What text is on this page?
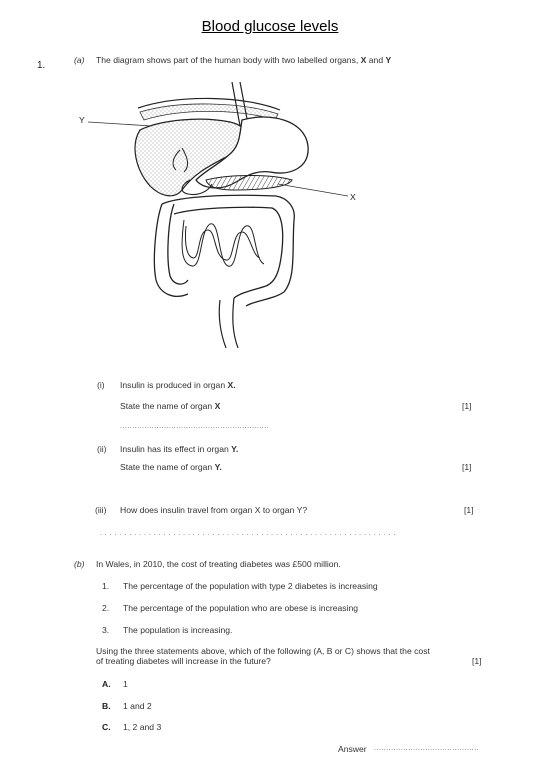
Blood glucose levels
1.	(a) The diagram shows part of the human body with two labelled organs, X and Y
Y
X
(i) Insulin is produced in organ X.
State the name of organ X	[1]
.............................................................
(ii) Insulin has its effect in organ Y.
State the name of organ Y.	[1]
(iii) How does insulin travel from organ X to organ Y?	[1]
. . . . . . . . . . . . . . . . . . . . . . . . . . . . . . . . . . . . . . . . . . . . . . . . . . . . . . . . . . . . .
(b) In Wales, in 2010, the cost of treating diabetes was £500 million.
1. The percentage of the population with type 2 diabetes is increasing
2. The percentage of the population who are obese is increasing
3. The population is increasing.
Using the three statements above, which of the following (A, B or C) shows that the cost
of treating diabetes will increase in the future?	[1]
A. 1
B. 1 and 2
C. 1, 2 and 3
Answer ...........................................
